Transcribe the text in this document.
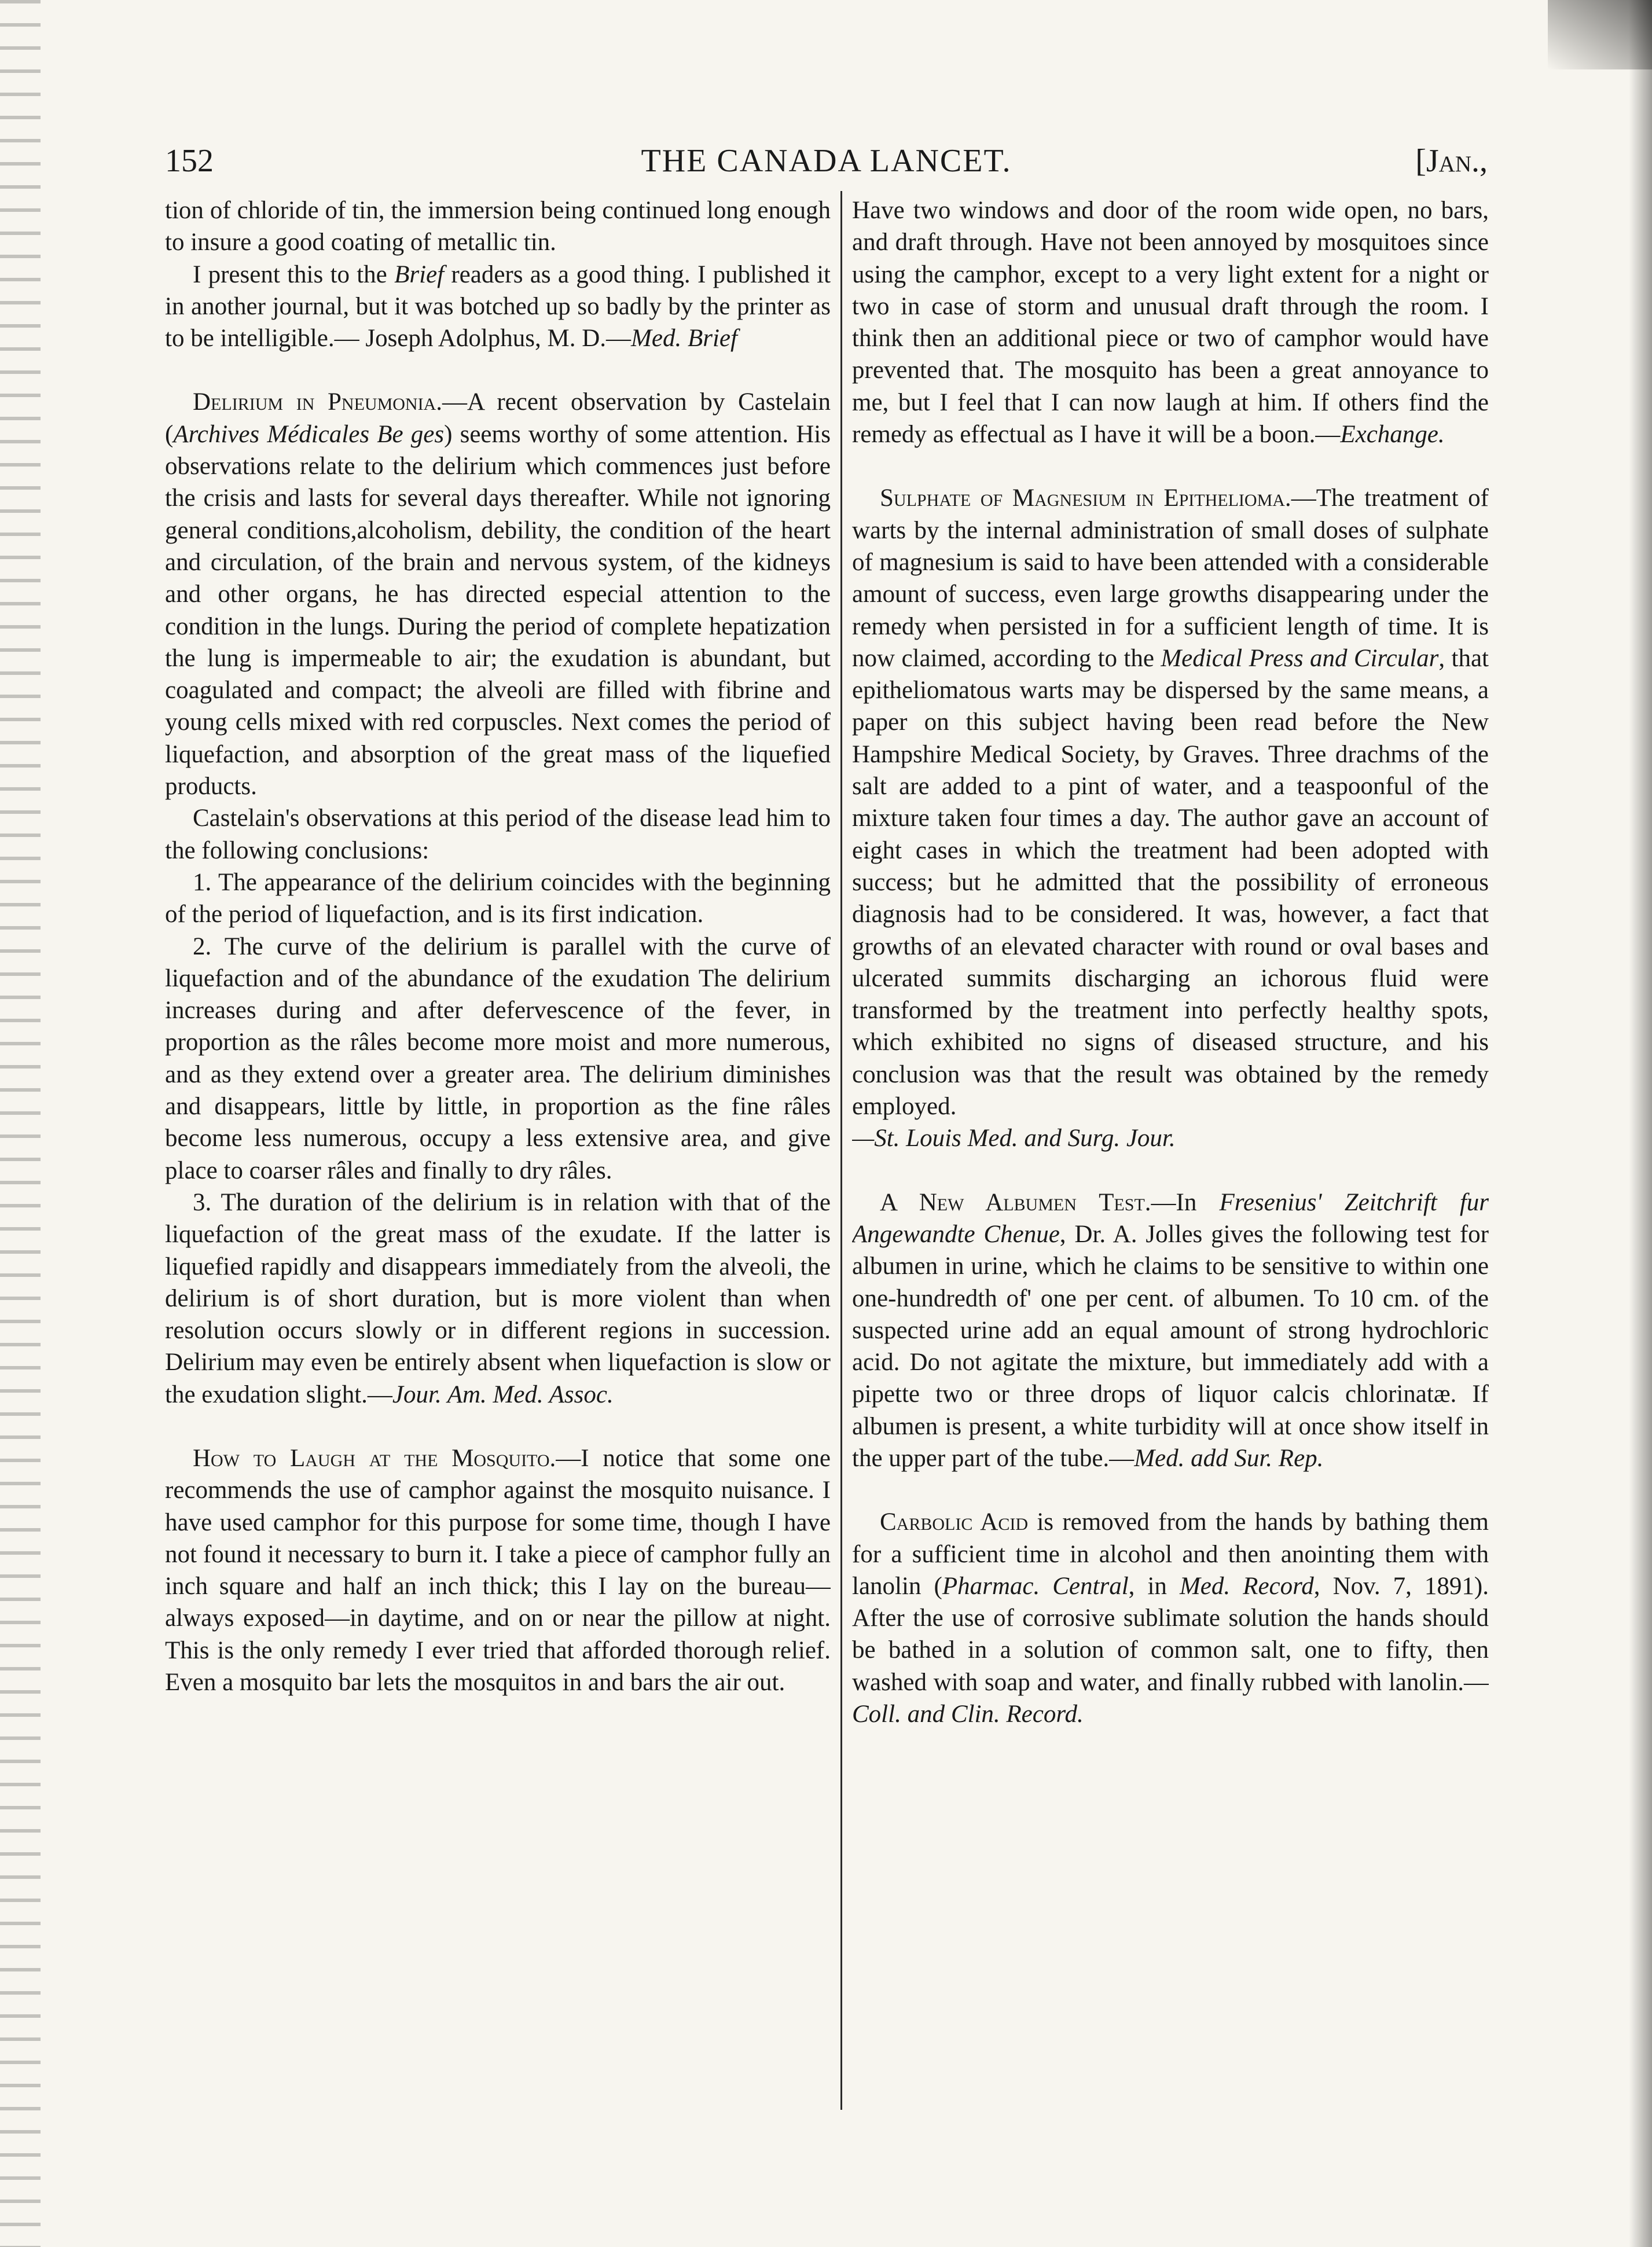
152	THE CANADA LANCET.	[Jan.,

tion of chloride of tin, the immersion being continued long enough to insure a good coating of metallic tin.

I present this to the Brief readers as a good thing. I published it in another journal, but it was botched up so badly by the printer as to be intelligible.— Joseph Adolphus, M. D.—Med. Brief

Delirium in Pneumonia.—A recent observation by Castelain (Archives Médicales Be ges) seems worthy of some attention. His observations relate to the delirium which commences just before the crisis and lasts for several days thereafter. While not ignoring general conditions,alcoholism, debility, the condition of the heart and circulation, of the brain and nervous system, of the kidneys and other organs, he has directed especial attention to the condition in the lungs. During the period of complete hepatization the lung is impermeable to air; the exudation is abundant, but coagulated and compact; the alveoli are filled with fibrine and young cells mixed with red corpuscles. Next comes the period of liquefaction, and absorption of the great mass of the liquefied products.

Castelain's observations at this period of the disease lead him to the following conclusions:

1. The appearance of the delirium coincides with the beginning of the period of liquefaction, and is its first indication.

2. The curve of the delirium is parallel with the curve of liquefaction and of the abundance of the exudation The delirium increases during and after defervescence of the fever, in proportion as the râles become more moist and more numerous, and as they extend over a greater area. The delirium diminishes and disappears, little by little, in proportion as the fine râles become less numerous, occupy a less extensive area, and give place to coarser râles and finally to dry râles.

3. The duration of the delirium is in relation with that of the liquefaction of the great mass of the exudate. If the latter is liquefied rapidly and disappears immediately from the alveoli, the delirium is of short duration, but is more violent than when resolution occurs slowly or in different regions in succession. Delirium may even be entirely absent when liquefaction is slow or the exudation slight.—Jour. Am. Med. Assoc.

How to Laugh at the Mosquito.—I notice that some one recommends the use of camphor against the mosquito nuisance. I have used camphor for this purpose for some time, though I have not found it necessary to burn it. I take a piece of camphor fully an inch square and half an inch thick; this I lay on the bureau—always exposed—in daytime, and on or near the pillow at night. This is the only remedy I ever tried that afforded thorough relief. Even a mosquito bar lets the mosquitos in and bars the air out.

Have two windows and door of the room wide open, no bars, and draft through. Have not been annoyed by mosquitoes since using the camphor, except to a very light extent for a night or two in case of storm and unusual draft through the room. I think then an additional piece or two of camphor would have prevented that. The mosquito has been a great annoyance to me, but I feel that I can now laugh at him. If others find the remedy as effectual as I have it will be a boon.—Exchange.

Sulphate of Magnesium in Epithelioma.—The treatment of warts by the internal administration of small doses of sulphate of magnesium is said to have been attended with a considerable amount of success, even large growths disappearing under the remedy when persisted in for a sufficient length of time. It is now claimed, according to the Medical Press and Circular, that epitheliomatous warts may be dispersed by the same means, a paper on this subject having been read before the New Hampshire Medical Society, by Graves. Three drachms of the salt are added to a pint of water, and a teaspoonful of the mixture taken four times a day. The author gave an account of eight cases in which the treatment had been adopted with success; but he admitted that the possibility of erroneous diagnosis had to be considered. It was, however, a fact that growths of an elevated character with round or oval bases and ulcerated summits discharging an ichorous fluid were transformed by the treatment into perfectly healthy spots, which exhibited no signs of diseased structure, and his conclusion was that the result was obtained by the remedy employed.
—St. Louis Med. and Surg. Jour.

A New Albumen Test.—In Fresenius' Zeitchrift fur Angewandte Chenue, Dr. A. Jolles gives the following test for albumen in urine, which he claims to be sensitive to within one one-hundredth of' one per cent. of albumen. To 10 cm. of the suspected urine add an equal amount of strong hydrochloric acid. Do not agitate the mixture, but immediately add with a pipette two or three drops of liquor calcis chlorinatæ. If albumen is present, a white turbidity will at once show itself in the upper part of the tube.—Med. add Sur. Rep.

Carbolic Acid is removed from the hands by bathing them for a sufficient time in alcohol and then anointing them with lanolin (Pharmac. Central, in Med. Record, Nov. 7, 1891). After the use of corrosive sublimate solution the hands should be bathed in a solution of common salt, one to fifty, then washed with soap and water, and finally rubbed with lanolin.—Coll. and Clin. Record.
